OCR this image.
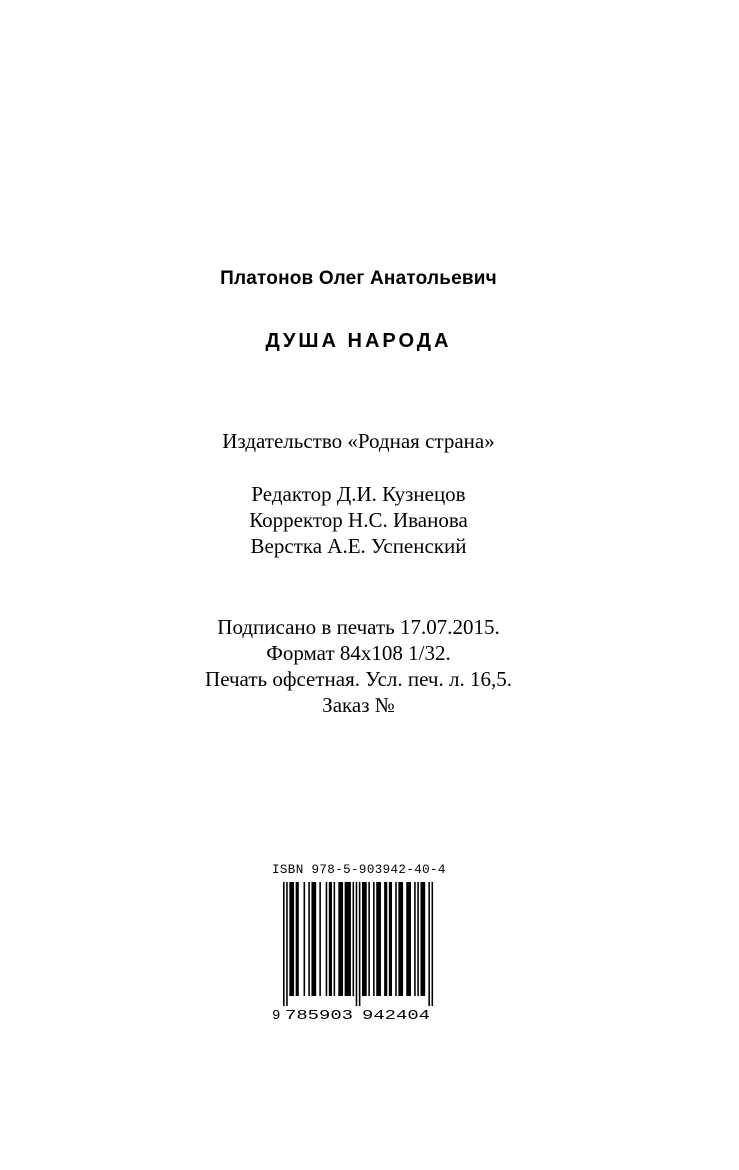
Платонов Олег Анатольевич
ДУША НАРОДА
Издательство «Родная страна»
Редактор Д.И. Кузнецов
Корректор Н.С. Иванова
Верстка А.Е. Успенский
Подписано в печать 17.07.2015.
Формат 84x108 1/32.
Печать офсетная. Усл. печ. л. 16,5.
Заказ №
ISBN 978-5-903942-40-4
9 785903 942404
